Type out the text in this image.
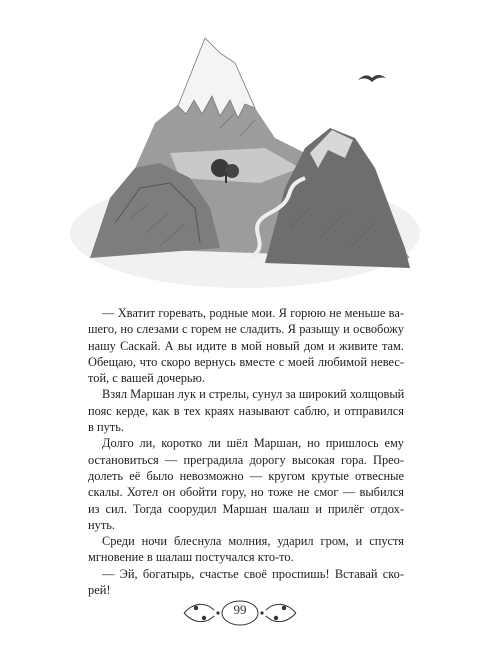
— Хватит горевать, родные мои. Я горюю не меньше ва-
шего, но слезами с горем не сладить. Я разыщу и освобожу
нашу Саскай. А вы идите в мой новый дом и живите там.
Обещаю, что скоро вернусь вместе с моей любимой невес-
той, с вашей дочерью.

Взял Маршан лук и стрелы, сунул за широкий холщовый
пояс керде, как в тех краях называют саблю, и отправился
в путь.

Долго ли, коротко ли шёл Маршан, но пришлось ему
остановиться — преградила дорогу высокая гора. Прео-
долеть её было невозможно — кругом крутые отвесные
скалы. Хотел он обойти гору, но тоже не смог — выбился
из сил. Тогда соорудил Маршан шалаш и прилёг отдох-
нуть.

Среди ночи блеснула молния, ударил гром, и спустя
мгновение в шалаш постучался кто-то.

— Эй, богатырь, счастье своё проспишь! Вставай ско-
рей!

99
